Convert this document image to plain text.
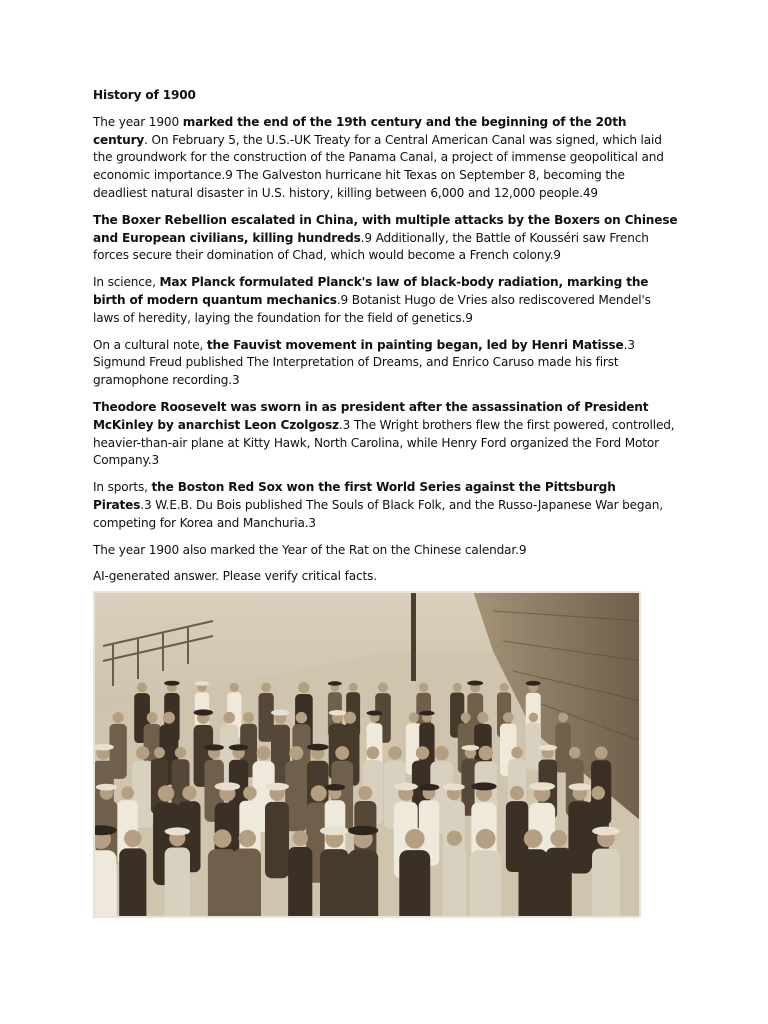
History of 1900

The year 1900 marked the end of the 19th century and the beginning of the 20th century. On February 5, the U.S.-UK Treaty for a Central American Canal was signed, which laid the groundwork for the construction of the Panama Canal, a project of immense geopolitical and economic importance.9 The Galveston hurricane hit Texas on September 8, becoming the deadliest natural disaster in U.S. history, killing between 6,000 and 12,000 people.49

The Boxer Rebellion escalated in China, with multiple attacks by the Boxers on Chinese and European civilians, killing hundreds.9 Additionally, the Battle of Kousséri saw French forces secure their domination of Chad, which would become a French colony.9

In science, Max Planck formulated Planck's law of black-body radiation, marking the birth of modern quantum mechanics.9 Botanist Hugo de Vries also rediscovered Mendel's laws of heredity, laying the foundation for the field of genetics.9

On a cultural note, the Fauvist movement in painting began, led by Henri Matisse.3 Sigmund Freud published The Interpretation of Dreams, and Enrico Caruso made his first gramophone recording.3

Theodore Roosevelt was sworn in as president after the assassination of President McKinley by anarchist Leon Czolgosz.3 The Wright brothers flew the first powered, controlled, heavier-than-air plane at Kitty Hawk, North Carolina, while Henry Ford organized the Ford Motor Company.3

In sports, the Boston Red Sox won the first World Series against the Pittsburgh Pirates.3 W.E.B. Du Bois published The Souls of Black Folk, and the Russo-Japanese War began, competing for Korea and Manchuria.3

The year 1900 also marked the Year of the Rat on the Chinese calendar.9

AI-generated answer. Please verify critical facts.
